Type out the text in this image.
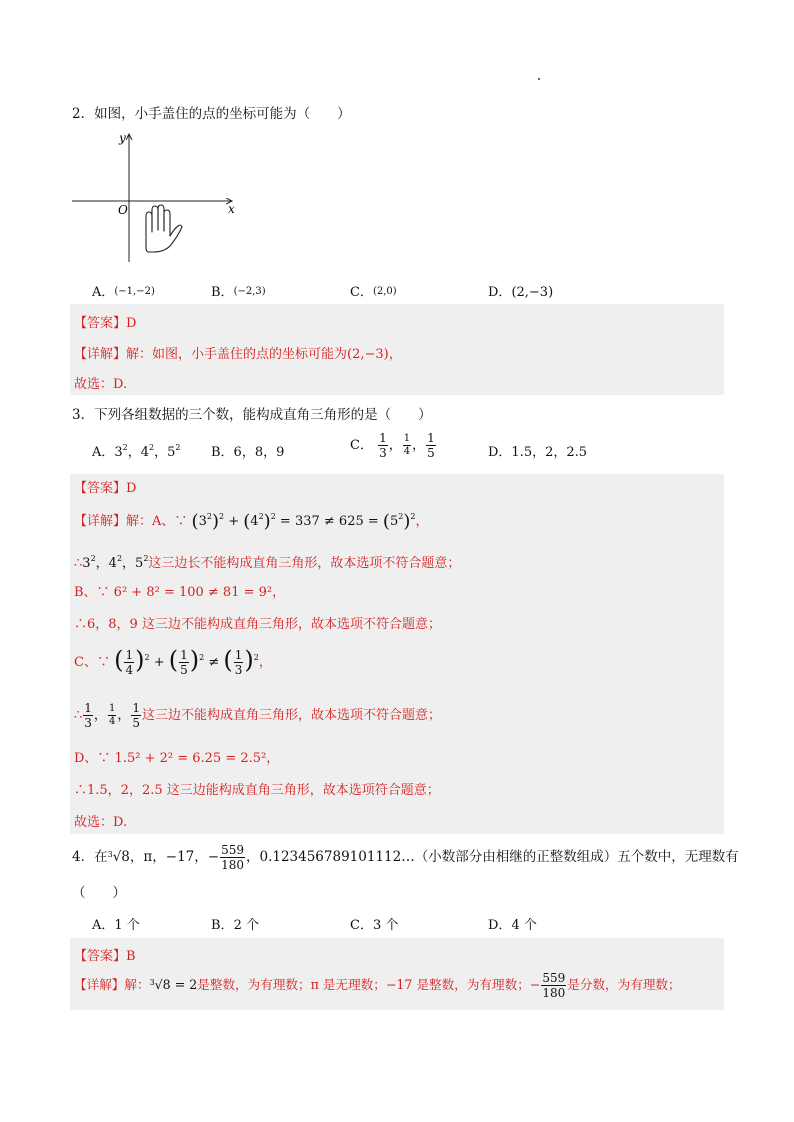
2．如图，小手盖住的点的坐标可能为（　　）
y
x
O
A．(−1,−2)	B．(−2,3)	C．(2,0)	D．(2,−3)
【答案】D
【详解】解：如图，小手盖住的点的坐标可能为(2,−3)，
故选：D.
3．下列各组数据的三个数，能构成直角三角形的是（　　）
A．$3^2$，$4^2$，$5^2$ B．6，8，9	C． $\frac{1}{3}$ ， $\frac{1}{4}$ ， $\frac{1}{5}$	D．1.5，2，2.5
【答案】D
【详解】解：A、∵ $(3^2)^2 + (4^2)^2 = 337 \ne 625 = (5^2)^2$，
$\therefore 3^2$，$4^2$，$5^2$这三边长不能构成直角三角形，故本选项不符合题意；
B、∵ 6² + 8² = 100 ≠ 81 = 9²，
∴6，8，9 这三边不能构成直角三角形，故本选项不符合题意；
C、∵ ( $\frac{1}{4} )^2$ + ( $\frac{1}{5} )^2$ ≠ ( $\frac{1}{3} )^2$，
∴ $\frac{1}{3}$ ， $\frac{1}{4}$ ， $\frac{1}{5}$ 这三边不能构成直角三角形，故本选项不符合题意；
D、∵ 1.5² + 2² = 6.25 = 2.5²，
∴1.5，2，2.5 这三边能构成直角三角形，故本选项符合题意；
故选：D.
4．在$^3$√8，π，−17，− $\frac{559}{180}$ ，0.123456789101112…（小数部分由相继的正整数组成）五个数中，无理数有
（　　）
A．1 个	B．2 个	C．3 个	D．4 个
【答案】B
【详解】解：$^3$√8 = 2是整数，为有理数；π 是无理数；−17 是整数，为有理数；− $\frac{559}{180}$ 是分数，为有理数；
